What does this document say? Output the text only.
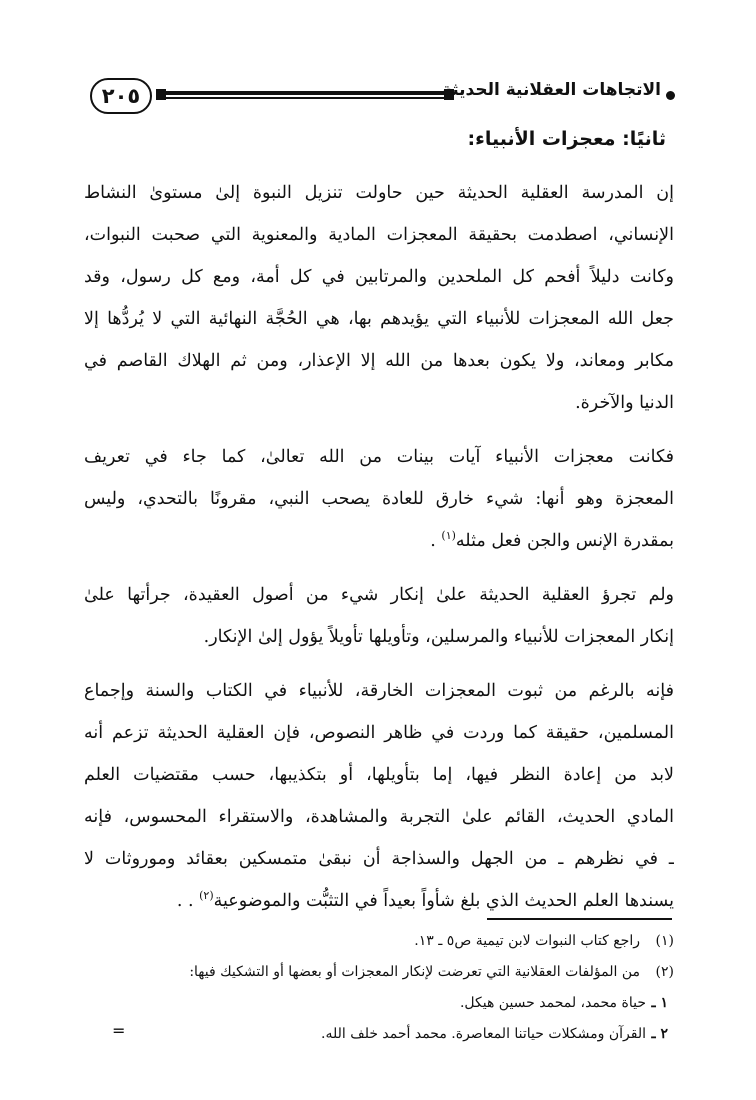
٢٠٥	الاتجاهات العقلانية الحديثة
ثانيًا: معجزات الأنبياء:
إن المدرسة العقلية الحديثة حين حاولت تنزيل النبوة إلىٰ مستوىٰ النشاط
الإنساني، اصطدمت بحقيقة المعجزات المادية والمعنوية التي صحبت النبوات،
وكانت دليلاً أفحم كل الملحدين والمرتابين في كل أمة، ومع كل رسول، وقد
جعل الله المعجزات للأنبياء التي يؤيدهم بها، هي الحُجَّة النهائية التي لا يُردُّها إلا
مكابر ومعاند، ولا يكون بعدها من الله إلا الإعذار، ومن ثم الهلاك القاصم في
الدنيا والآخرة.
فكانت معجزات الأنبياء آيات بينات من الله تعالىٰ، كما جاء في تعريف
المعجزة وهو أنها: شيء خارق للعادة يصحب النبي، مقرونًا بالتحدي، وليس
بمقدرة الإنس والجن فعل مثله$^{(١)}$ .
ولم تجرؤ العقلية الحديثة علىٰ إنكار شيء من أصول العقيدة، جرأتها علىٰ
إنكار المعجزات للأنبياء والمرسلين، وتأويلها تأويلاً يؤول إلىٰ الإنكار.
فإنه بالرغم من ثبوت المعجزات الخارقة، للأنبياء في الكتاب والسنة وإجماع
المسلمين، حقيقة كما وردت في ظاهر النصوص، فإن العقلية الحديثة تزعم أنه
لابد من إعادة النظر فيها، إما بتأويلها، أو بتكذيبها، حسب مقتضيات العلم
المادي الحديث، القائم علىٰ التجربة والمشاهدة، والاستقراء المحسوس، فإنه
ـ في نظرهم ـ من الجهل والسذاجة أن نبقىٰ متمسكين بعقائد وموروثات لا
يسندها العلم الحديث الذي بلغ شأواً بعيداً في التثبُّت والموضوعية$^{(٢)}$ . .
(١)راجع كتاب النبوات لابن تيمية ص٥ ـ ١٣.
(٢)من المؤلفات العقلانية التي تعرضت لإنكار المعجزات أو بعضها أو التشكيك فيها:
١ ـحياة محمد، لمحمد حسين هيكل.
٢ ـالقرآن ومشكلات حياتنا المعاصرة. محمد أحمد خلف الله.
=
